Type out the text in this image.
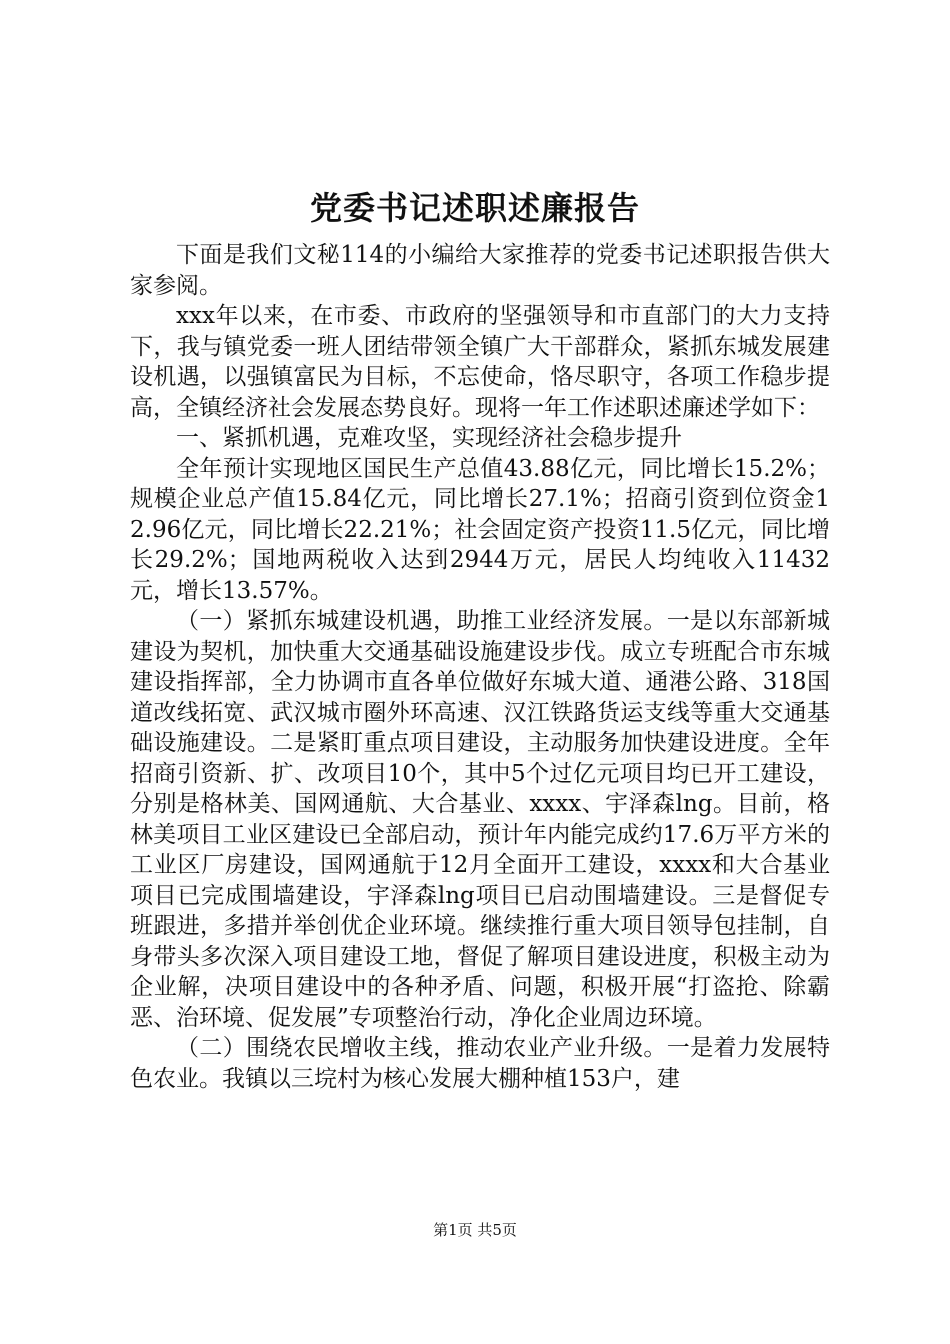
党委书记述职述廉报告

下面是我们文秘114的小编给大家推荐的党委书记述职报告供大家参阅。

xxx年以来，在市委、市政府的坚强领导和市直部门的大力支持下，我与镇党委一班人团结带领全镇广大干部群众，紧抓东城发展建设机遇，以强镇富民为目标，不忘使命，恪尽职守，各项工作稳步提高，全镇经济社会发展态势良好。现将一年工作述职述廉述学如下：

一、紧抓机遇，克难攻坚，实现经济社会稳步提升

全年预计实现地区国民生产总值43.88亿元，同比增长15.2%；规模企业总产值15.84亿元，同比增长27.1%；招商引资到位资金12.96亿元，同比增长22.21%；社会固定资产投资11.5亿元，同比增长29.2%；国地两税收入达到2944万元，居民人均纯收入11432元，增长13.57%。

（一）紧抓东城建设机遇，助推工业经济发展。一是以东部新城建设为契机，加快重大交通基础设施建设步伐。成立专班配合市东城建设指挥部，全力协调市直各单位做好东城大道、通港公路、318国道改线拓宽、武汉城市圈外环高速、汉江铁路货运支线等重大交通基础设施建设。二是紧盯重点项目建设，主动服务加快建设进度。全年招商引资新、扩、改项目10个，其中5个过亿元项目均已开工建设，分别是格林美、国网通航、大合基业、xxxx、宇泽森lng。目前，格林美项目工业区建设已全部启动，预计年内能完成约17.6万平方米的工业区厂房建设，国网通航于12月全面开工建设，xxxx和大合基业项目已完成围墙建设，宇泽森lng项目已启动围墙建设。三是督促专班跟进，多措并举创优企业环境。继续推行重大项目领导包挂制，自身带头多次深入项目建设工地，督促了解项目建设进度，积极主动为企业解，决项目建设中的各种矛盾、问题，积极开展“打盗抢、除霸恶、治环境、促发展”专项整治行动，净化企业周边环境。

（二）围绕农民增收主线，推动农业产业升级。一是着力发展特色农业。我镇以三垸村为核心发展大棚种植153户，建

第1页 共5页
